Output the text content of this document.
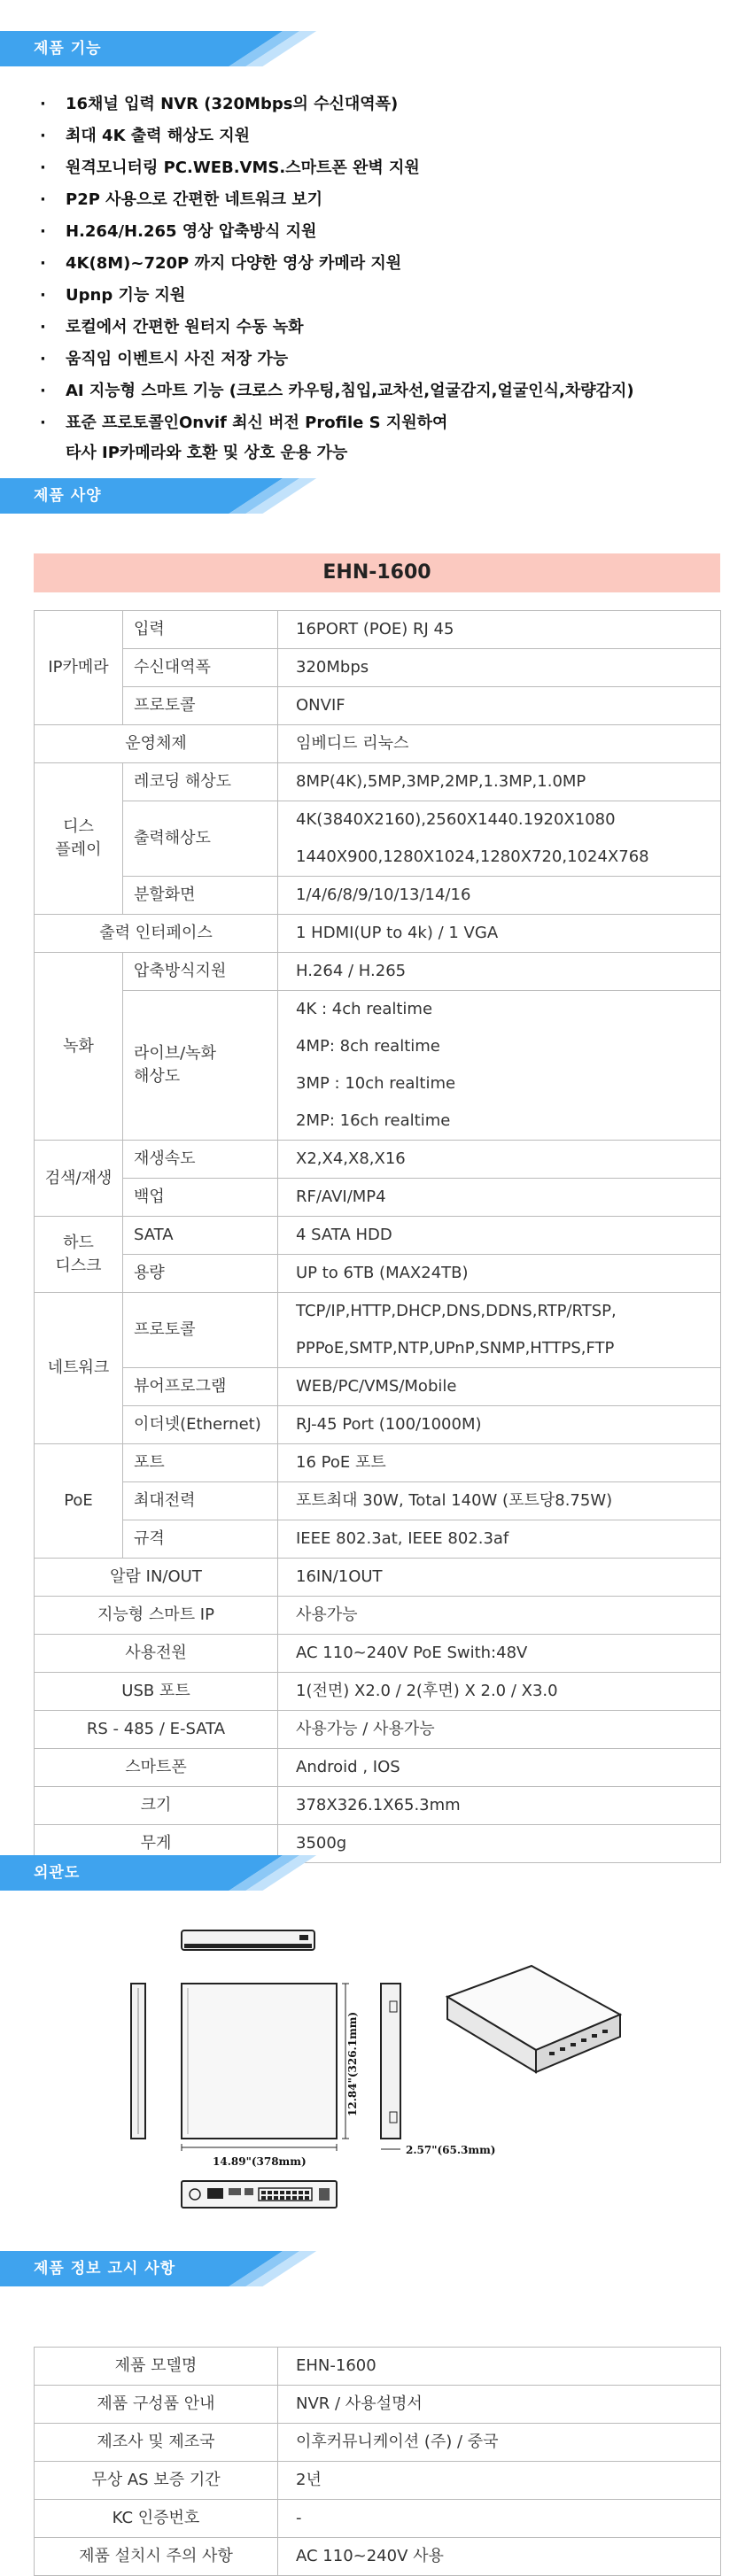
제품 기능
· 16채널 입력 NVR (320Mbps의 수신대역폭)
· 최대 4K 출력 해상도 지원
· 원격모니터링 PC.WEB.VMS.스마트폰 완벽 지원
· P2P 사용으로 간편한 네트워크 보기
· H.264/H.265 영상 압축방식 지원
· 4K(8M)~720P 까지 다양한 영상 카메라 지원
· Upnp 기능 지원
· 로컬에서 간편한 원터지 수동 녹화
· 움직임 이벤트시 사진 저장 가능
· AI 지능형 스마트 기능 (크로스 카우팅,침입,교차선,얼굴감지,얼굴인식,차량감지)
· 표준 프로토콜인Onvif 최신 버전 Profile S 지원하여
타사 IP카메라와 호환 및 상호 운용 가능
제품 사양
EHN-1600
IP카메라	입력	16PORT (POE) RJ 45
	수신대역폭	320Mbps
	프로토콜	ONVIF
운영체제		임베디드 리눅스
디스
플레이	레코딩 해상도	8MP(4K),5MP,3MP,2MP,1.3MP,1.0MP
	출력해상도	4K(3840X2160),2560X1440.1920X1080
1440X900,1280X1024,1280X720,1024X768
	분할화면	1/4/6/8/9/10/13/14/16
출력 인터페이스		1 HDMI(UP to 4k) / 1 VGA
녹화	압축방식지원	H.264 / H.265
	라이브/녹화
해상도	4K : 4ch realtime
4MP: 8ch realtime
3MP : 10ch realtime
2MP: 16ch realtime
검색/재생	재생속도	X2,X4,X8,X16
	백업	RF/AVI/MP4
하드
디스크	SATA	4 SATA HDD
	용량	UP to 6TB (MAX24TB)
네트워크	프로토콜	TCP/IP,HTTP,DHCP,DNS,DDNS,RTP/RTSP,
PPPoE,SMTP,NTP,UPnP,SNMP,HTTPS,FTP
	뷰어프로그램	WEB/PC/VMS/Mobile
	이더넷(Ethernet)	RJ-45 Port (100/1000M)
PoE	포트	16 PoE 포트
	최대전력	포트최대 30W, Total 140W (포트당8.75W)
	규격	IEEE 802.3at, IEEE 802.3af
알람 IN/OUT		16IN/1OUT
지능형 스마트 IP		사용가능
사용전원		AC 110~240V PoE Swith:48V
USB 포트		1(전면) X2.0 / 2(후면) X 2.0 / X3.0
RS - 485 / E-SATA		사용가능 / 사용가능
스마트폰		Android , IOS
크기		378X326.1X65.3mm
무게		3500g
외관도
14.89"(378mm)
12.84"(326.1mm)
2.57"(65.3mm)
제품 정보 고시 사항
제품 모델명	EHN-1600
제품 구성품 안내	NVR / 사용설명서
제조사 및 제조국	이후커뮤니케이션 (주) / 중국
무상 AS 보증 기간	2년
KC 인증번호	-
제품 설치시 주의 사항	AC 110~240V 사용
